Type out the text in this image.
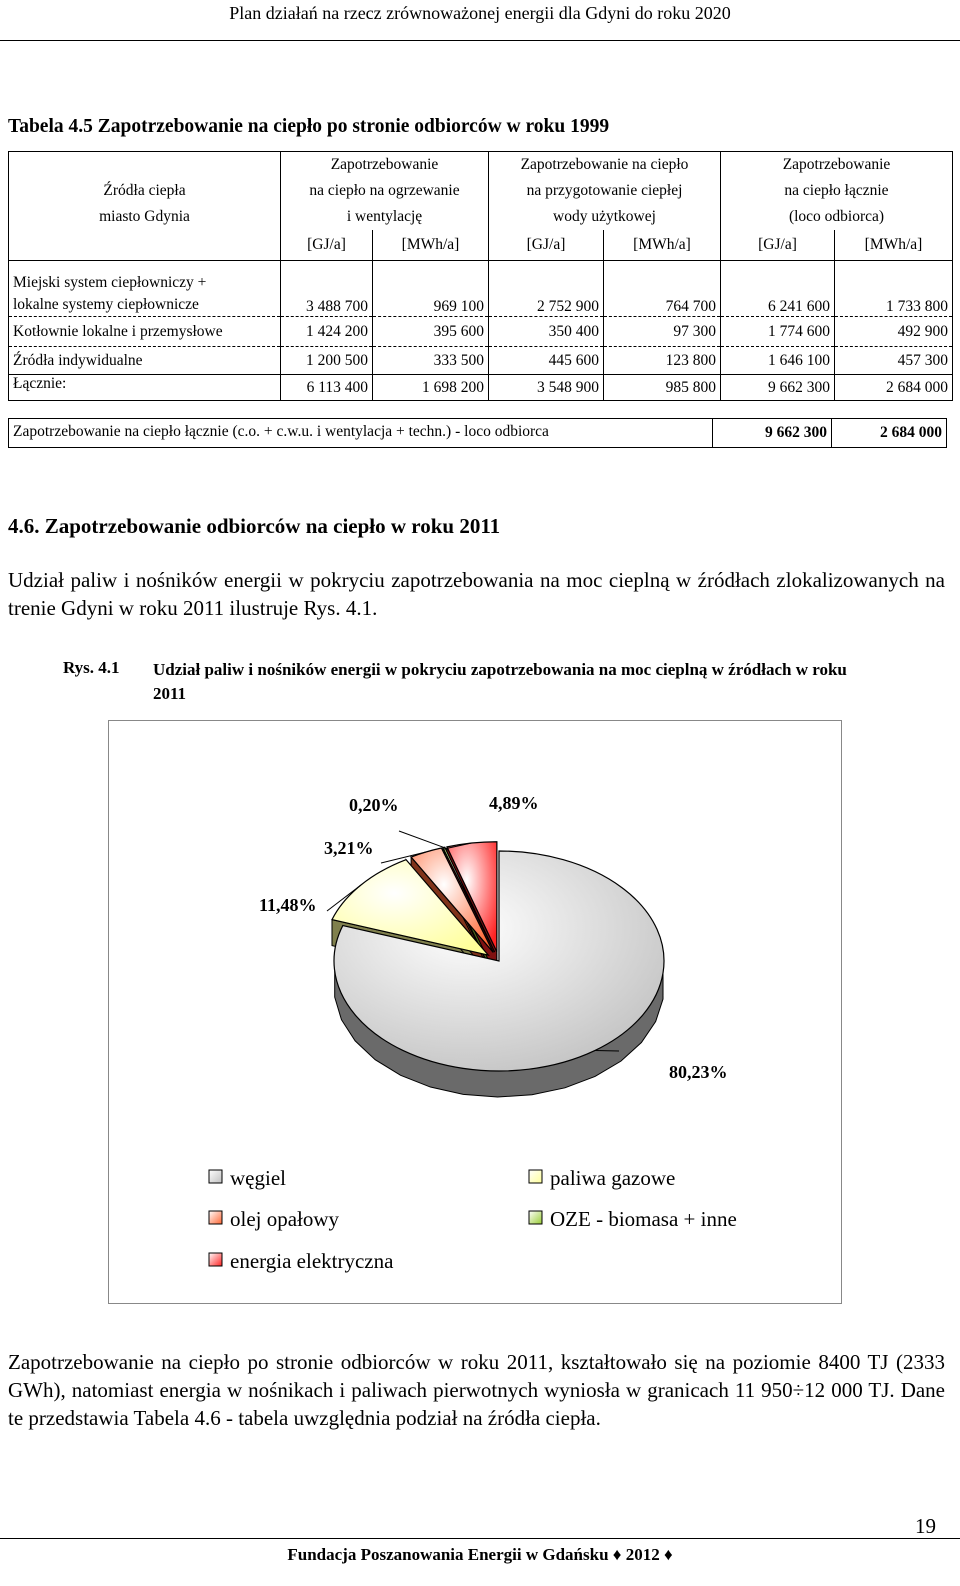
Plan działań na rzecz zrównoważonej energii dla Gdyni do roku 2020
Tabela 4.5 Zapotrzebowanie na ciepło po stronie odbiorców w roku 1999
	Zapotrzebowanie		Zapotrzebowanie na ciepło		Zapotrzebowanie	
Źródła ciepła	na ciepło na ogrzewanie		na przygotowanie ciepłej		na ciepło łącznie	
miasto Gdynia	i wentylację		wody użytkowej		(loco odbiorca)	
	[GJ/a]	[MWh/a]	[GJ/a]	[MWh/a]	[GJ/a]	[MWh/a]
Miejski system ciepłowniczy +
lokalne systemy ciepłownicze	3 488 700	969 100	2 752 900	764 700	6 241 600	1 733 800
Kotłownie lokalne i przemysłowe	1 424 200	395 600	350 400	97 300	1 774 600	492 900
Źródła indywidualne	1 200 500	333 500	445 600	123 800	1 646 100	457 300
Łącznie:	6 113 400	1 698 200	3 548 900	985 800	9 662 300	2 684 000
Zapotrzebowanie na ciepło łącznie (c.o. + c.w.u. i wentylacja + techn.) - loco odbiorca	9 662 300	2 684 000
4.6. Zapotrzebowanie odbiorców na ciepło w roku 2011
Udział paliw i nośników energii w pokryciu zapotrzebowania na moc cieplną w źródłach zlokalizowanych na trenie Gdyni w roku 2011 ilustruje Rys. 4.1.
Rys. 4.1 Udział paliw i nośników energii w pokryciu zapotrzebowania na moc cieplną w źródłach w roku 2011
80,23%
11,48%
3,21%
0,20%	4,89%
węgiel	paliwa gazowe
olej opałowy	OZE - biomasa + inne
energia elektryczna
Zapotrzebowanie na ciepło po stronie odbiorców w roku 2011, kształtowało się na poziomie 8400 TJ (2333 GWh), natomiast energia w nośnikach i paliwach pierwotnych wyniosła w granicach 11 950÷12 000 TJ. Dane te przedstawia Tabela 4.6 - tabela uwzględnia podział na źródła ciepła.
19
Fundacja Poszanowania Energii w Gdańsku ♦ 2012 ♦
